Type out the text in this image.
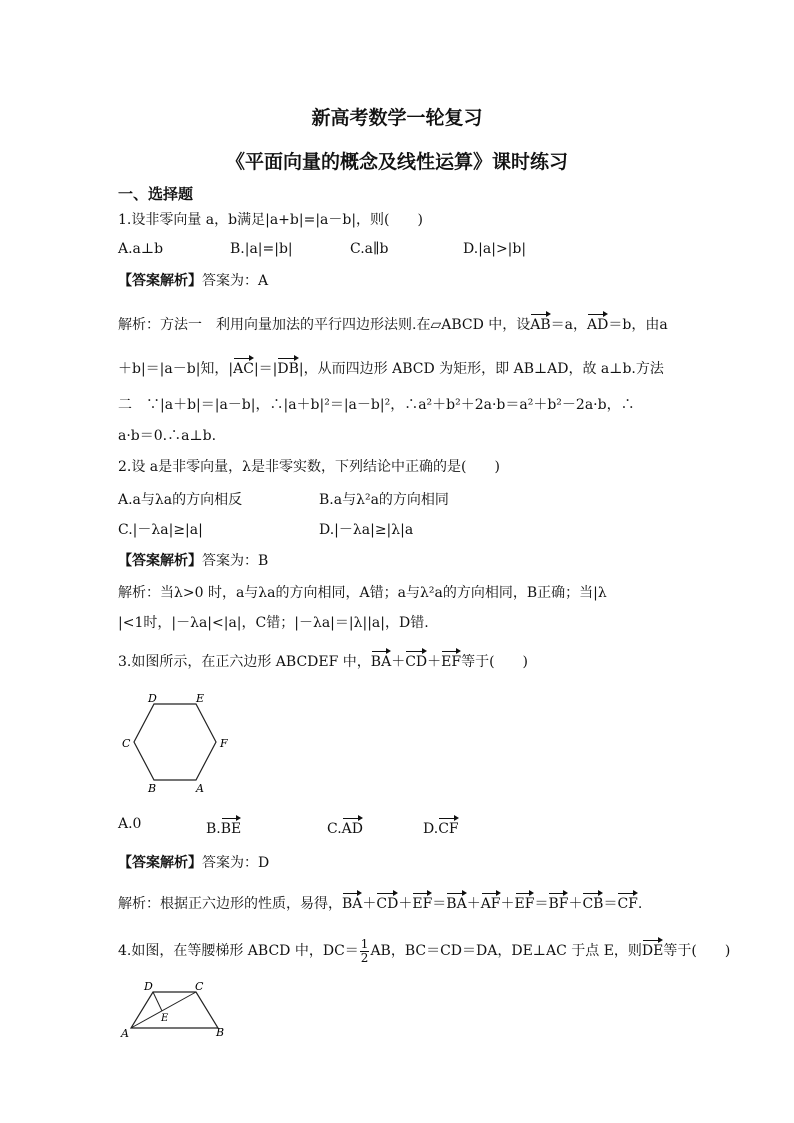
新高考数学一轮复习
《平面向量的概念及线性运算》课时练习
一、选择题
1.设非零向量 a，b满足|a+b|=|a－b|，则(　　)
A.a⊥b	B.|a|=|b|	C.a∥b	D.|a|>|b|
【答案解析】答案为：A
解析：方法一　利用向量加法的平行四边形法则.在▱ABCD 中，设AB＝a，AD＝b，由a
＋b|＝|a－b|知，|AC|＝|DB|，从而四边形 ABCD 为矩形，即 AB⊥AD，故 a⊥b.方法
二　∵|a＋b|＝|a－b|，∴|a＋b|²＝|a－b|²，∴a²＋b²＋2a·b＝a²＋b²－2a·b，∴
a·b＝0.∴a⊥b.
2.设 a是非零向量，λ是非零实数，下列结论中正确的是(　　)
A.a与λa的方向相反	B.a与λ²a的方向相同
C.|－λa|≥|a|	D.|－λa|≥|λ|a
【答案解析】答案为：B
解析：当λ>0 时，a与λa的方向相同，A错；a与λ²a的方向相同，B正确；当|λ
|<1时，|－λa|<|a|，C错；|－λa|＝|λ||a|，D错.
3.如图所示，在正六边形 ABCDEF 中，BA＋CD＋EF等于(　　)
D	E
C	F
B	A
A.0	B.BE	C.AD	D.CF
【答案解析】答案为：D
解析：根据正六边形的性质，易得，BA＋CD＋EF＝BA＋AF＋EF＝BF＋CB＝CF.
4.如图，在等腰梯形 ABCD 中，$DC= \frac{1}{2}$ AB，BC＝CD＝DA，DE⊥AC 于点 E，则DE等于(　　)
D	C
E
A	B
